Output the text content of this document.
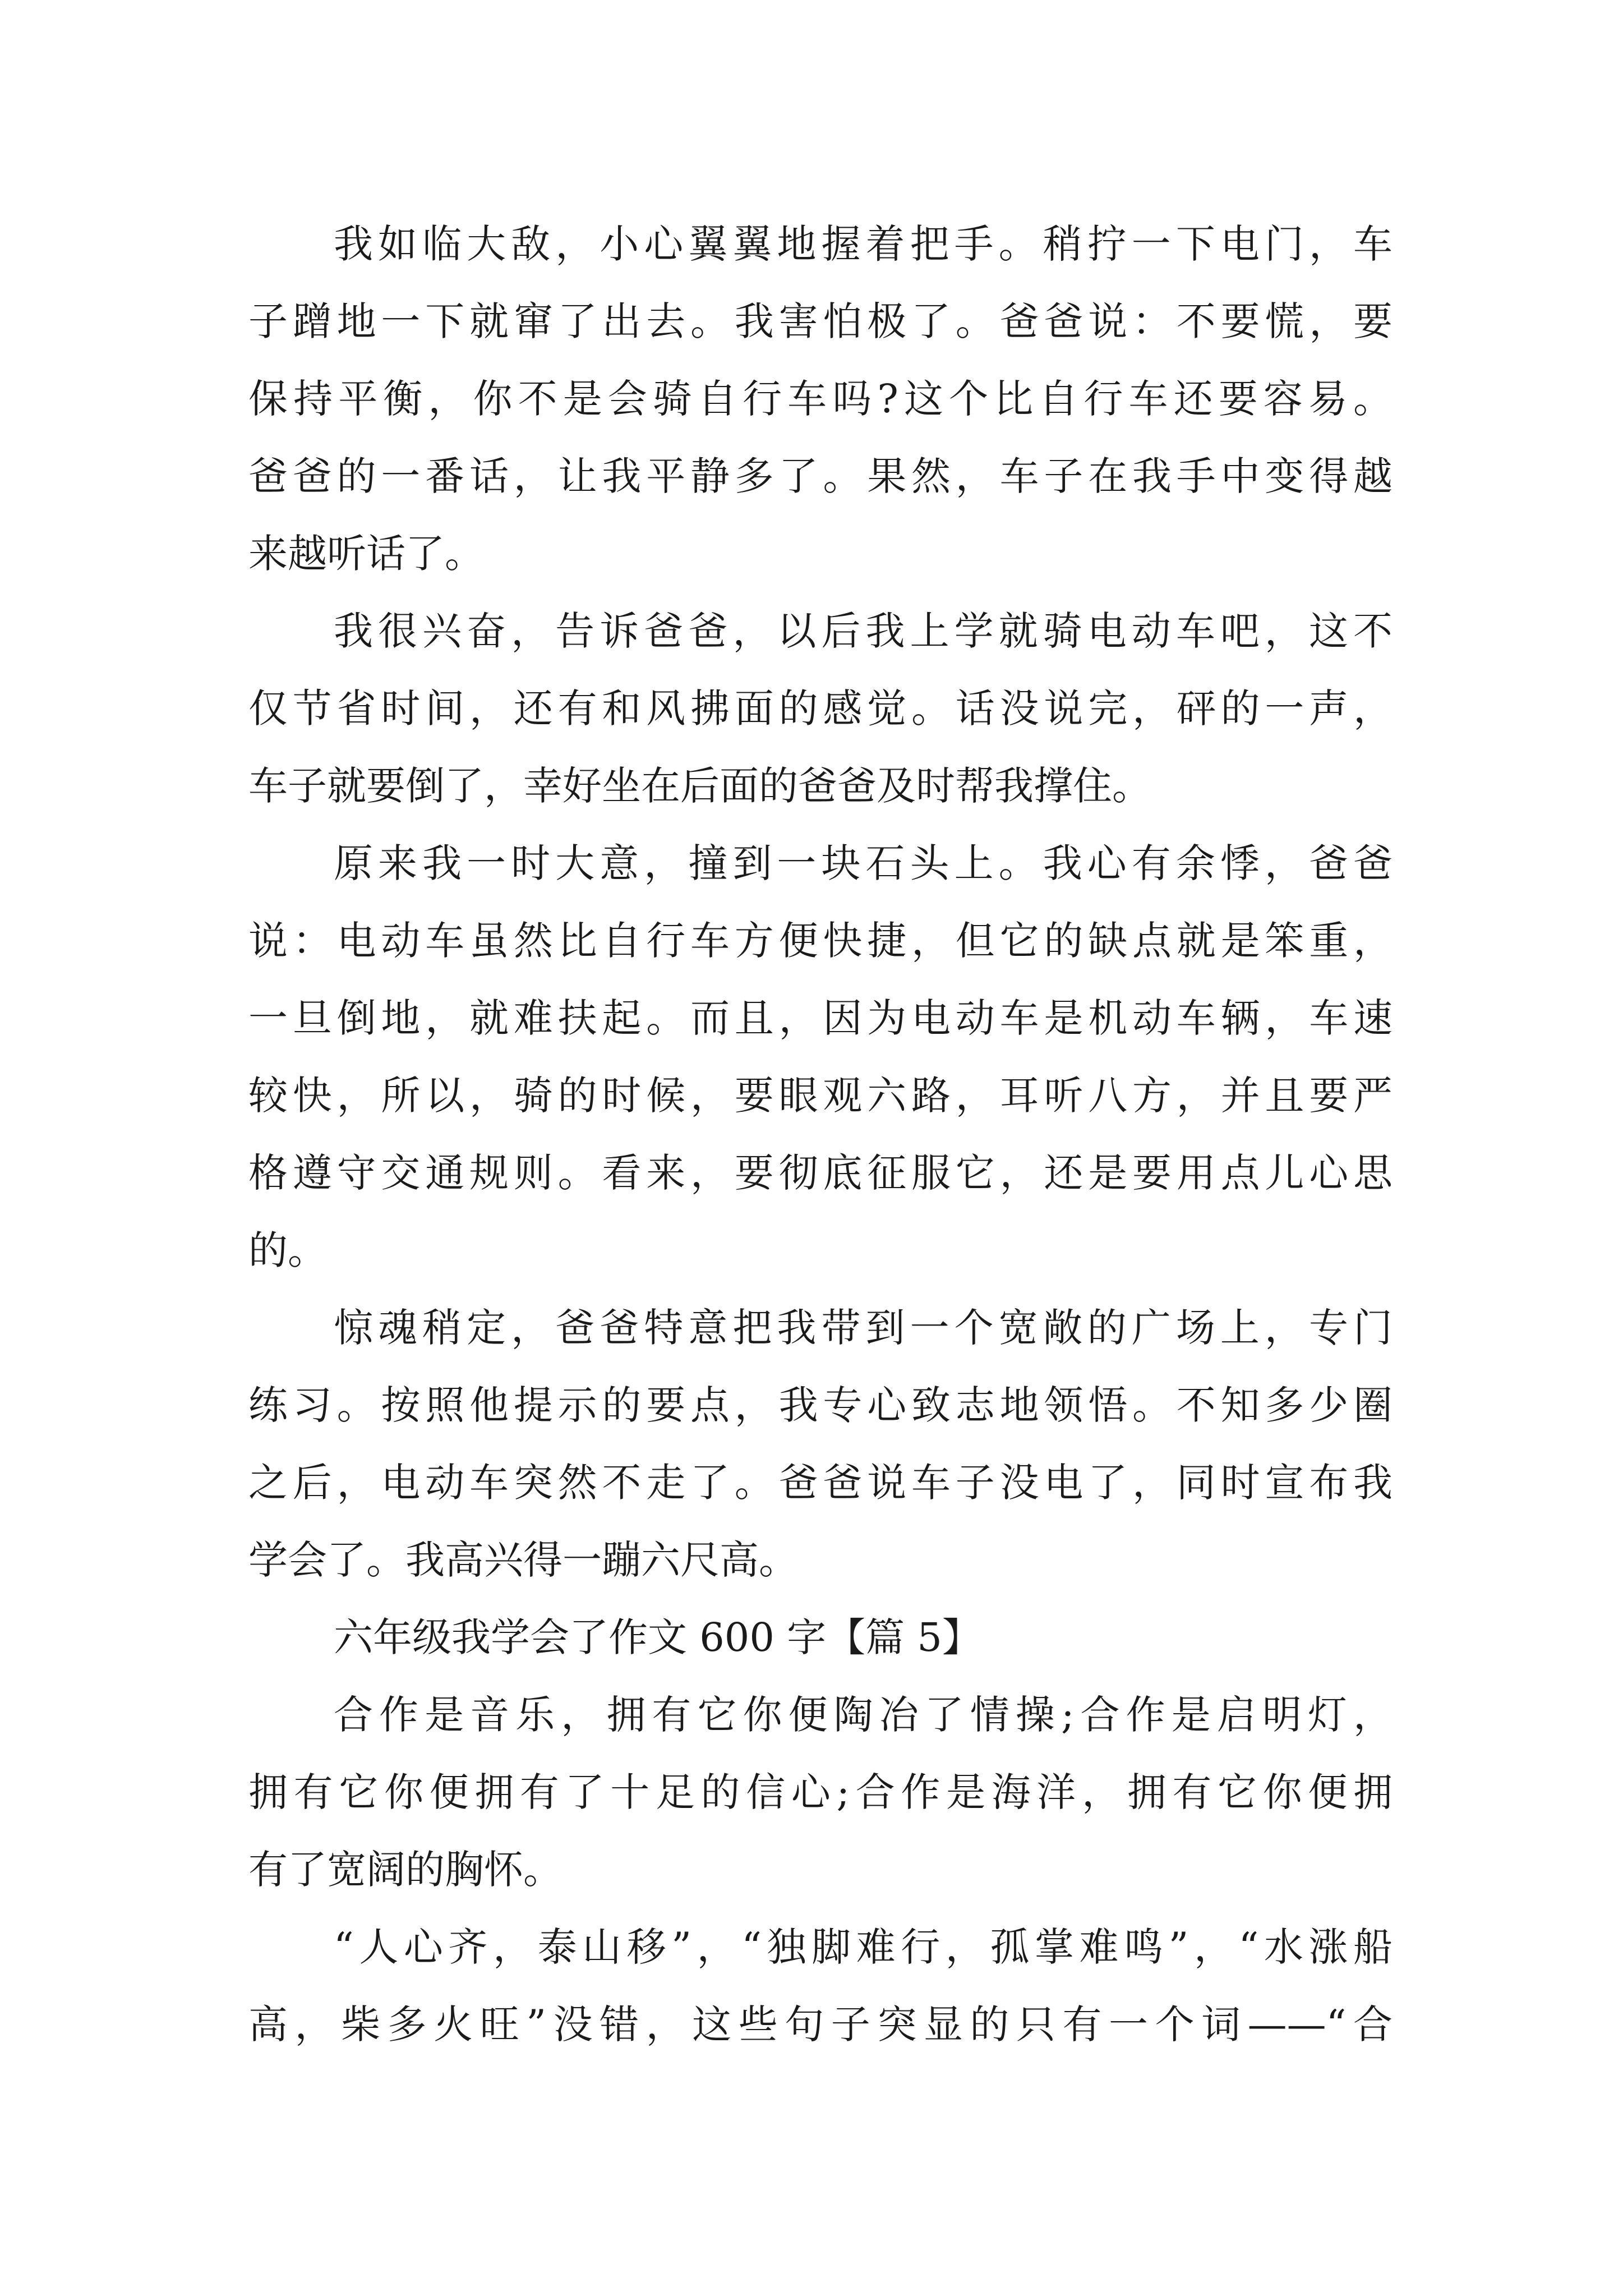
我如临大敌，小心翼翼地握着把手。稍拧一下电门，车
子蹭地一下就窜了出去。我害怕极了。爸爸说：不要慌，要
保持平衡，你不是会骑自行车吗?这个比自行车还要容易。
爸爸的一番话，让我平静多了。果然，车子在我手中变得越
来越听话了。
我很兴奋，告诉爸爸，以后我上学就骑电动车吧，这不
仅节省时间，还有和风拂面的感觉。话没说完，砰的一声，
车子就要倒了，幸好坐在后面的爸爸及时帮我撑住。
原来我一时大意，撞到一块石头上。我心有余悸，爸爸
说：电动车虽然比自行车方便快捷，但它的缺点就是笨重，
一旦倒地，就难扶起。而且，因为电动车是机动车辆，车速
较快，所以，骑的时候，要眼观六路，耳听八方，并且要严
格遵守交通规则。看来，要彻底征服它，还是要用点儿心思
的。
惊魂稍定，爸爸特意把我带到一个宽敞的广场上，专门
练习。按照他提示的要点，我专心致志地领悟。不知多少圈
之后，电动车突然不走了。爸爸说车子没电了，同时宣布我
学会了。我高兴得一蹦六尺高。
六年级我学会了作文 600 字【篇 5】
合作是音乐，拥有它你便陶冶了情操;合作是启明灯，
拥有它你便拥有了十足的信心;合作是海洋，拥有它你便拥
有了宽阔的胸怀。
“人心齐，泰山移”，“独脚难行，孤掌难鸣”，“水涨船
高，柴多火旺”没错，这些句子突显的只有一个词——“合
